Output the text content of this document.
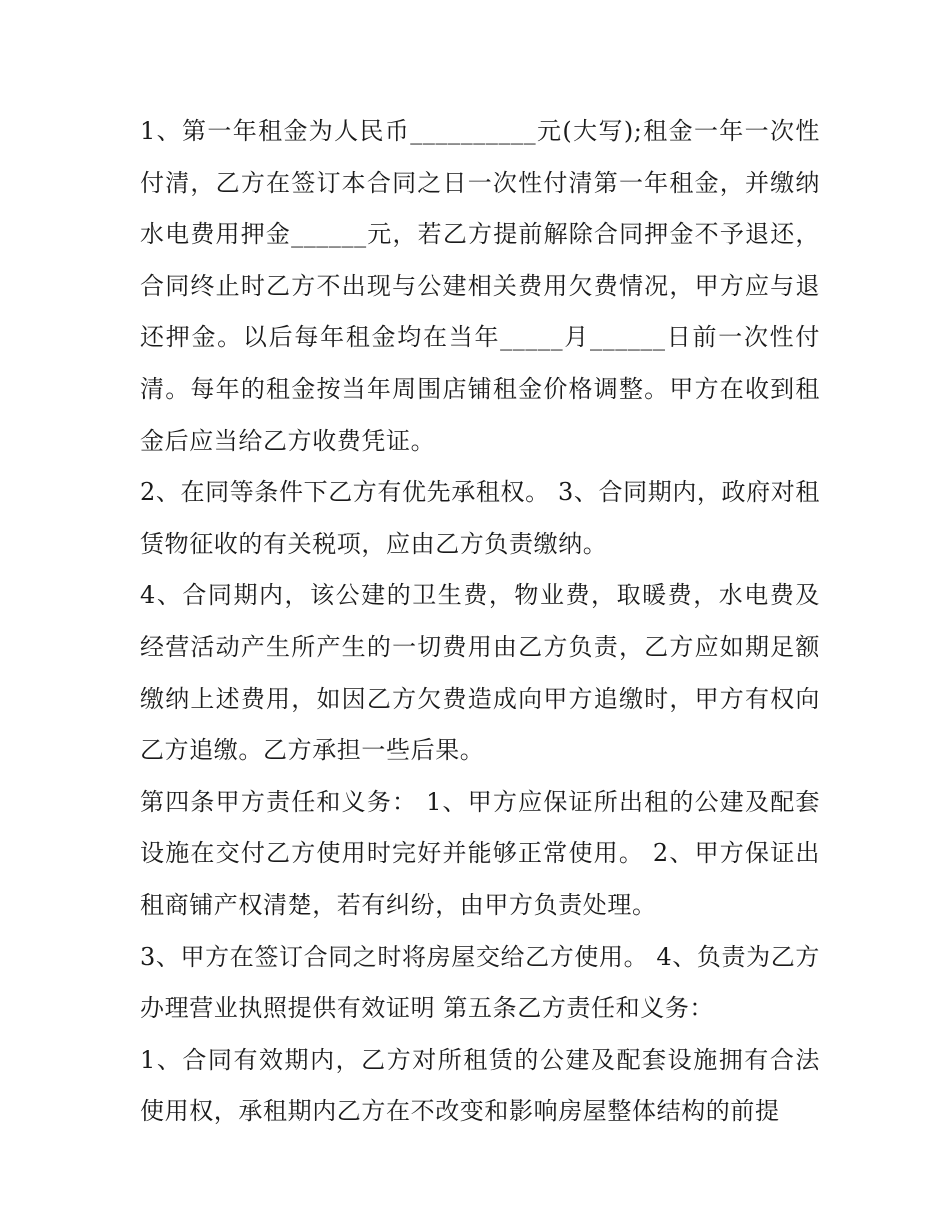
1、第一年租金为人民币__________元(大写);租金一年一次性付清，乙方在签订本合同之日一次性付清第一年租金，并缴纳水电费用押金______元，若乙方提前解除合同押金不予退还，合同终止时乙方不出现与公建相关费用欠费情况，甲方应与退还押金。以后每年租金均在当年_____月______日前一次性付清。每年的租金按当年周围店铺租金价格调整。甲方在收到租金后应当给乙方收费凭证。

2、在同等条件下乙方有优先承租权。 3、合同期内，政府对租赁物征收的有关税项，应由乙方负责缴纳。

4、合同期内，该公建的卫生费，物业费，取暖费，水电费及经营活动产生所产生的一切费用由乙方负责，乙方应如期足额缴纳上述费用，如因乙方欠费造成向甲方追缴时，甲方有权向乙方追缴。乙方承担一些后果。

第四条甲方责任和义务： 1、甲方应保证所出租的公建及配套设施在交付乙方使用时完好并能够正常使用。 2、甲方保证出租商铺产权清楚，若有纠纷，由甲方负责处理。

3、甲方在签订合同之时将房屋交给乙方使用。 4、负责为乙方办理营业执照提供有效证明 第五条乙方责任和义务：

1、合同有效期内，乙方对所租赁的公建及配套设施拥有合法使用权，承租期内乙方在不改变和影响房屋整体结构的前提
